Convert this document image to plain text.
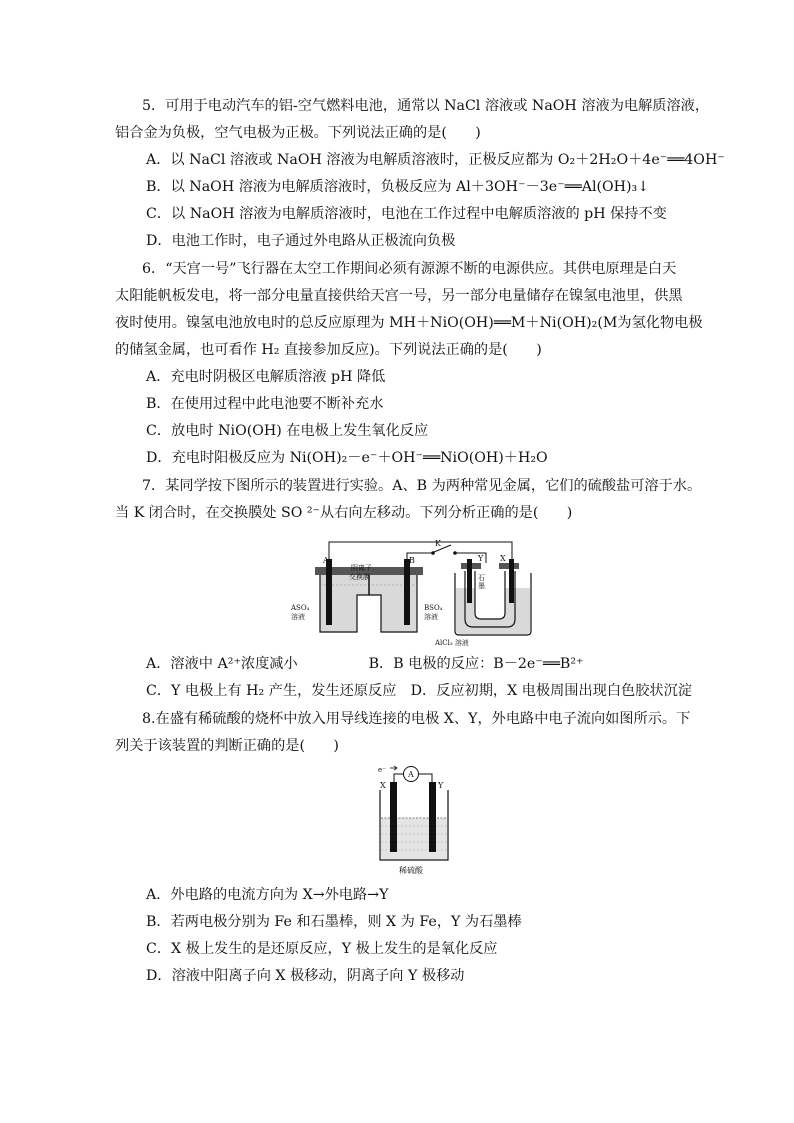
5．可用于电动汽车的铝-空气燃料电池，通常以 NaCl 溶液或 NaOH 溶液为电解质溶液，
铝合金为负极，空气电极为正极。下列说法正确的是(　　)
A．以 NaCl 溶液或 NaOH 溶液为电解质溶液时，正极反应都为 O₂＋2H₂O＋4e⁻══4OH⁻
B．以 NaOH 溶液为电解质溶液时，负极反应为 Al＋3OH⁻－3e⁻══Al(OH)₃↓
C．以 NaOH 溶液为电解质溶液时，电池在工作过程中电解质溶液的 pH 保持不变
D．电池工作时，电子通过外电路从正极流向负极
6．“天宫一号”飞行器在太空工作期间必须有源源不断的电源供应。其供电原理是白天
太阳能帆板发电，将一部分电量直接供给天宫一号，另一部分电量储存在镍氢电池里，供黑
夜时使用。镍氢电池放电时的总反应原理为 MH＋NiO(OH)══M＋Ni(OH)₂(M为氢化物电极
的储氢金属，也可看作 H₂ 直接参加反应)。下列说法正确的是(　　)
A．充电时阴极区电解质溶液 pH 降低
B．在使用过程中此电池要不断补充水
C．放电时 NiO(OH) 在电极上发生氧化反应
D．充电时阳极反应为 Ni(OH)₂－e⁻＋OH⁻══NiO(OH)＋H₂O
7．某同学按下图所示的装置进行实验。A、B 为两种常见金属，它们的硫酸盐可溶于水。
当 K 闭合时，在交换膜处 SO ²⁻从右向左移动。下列分析正确的是(　　)
K
A	B
阴离子
交换膜
ASO₄
溶液
BSO₄
溶液
Y X
石
墨
AlCl₃ 溶液
A．溶液中 A²⁺浓度减小　　　　　B．B 电极的反应：B－2e⁻══B²⁺
C．Y 电极上有 H₂ 产生，发生还原反应　D．反应初期，X 电极周围出现白色胶状沉淀
8.在盛有稀硫酸的烧杯中放入用导线连接的电极 X、Y，外电路中电子流向如图所示。下
列关于该装置的判断正确的是(　　)
e⁻	A
X	Y
稀硫酸
A．外电路的电流方向为 X→外电路→Y
B．若两电极分别为 Fe 和石墨棒，则 X 为 Fe，Y 为石墨棒
C．X 极上发生的是还原反应，Y 极上发生的是氧化反应
D．溶液中阳离子向 X 极移动，阴离子向 Y 极移动
